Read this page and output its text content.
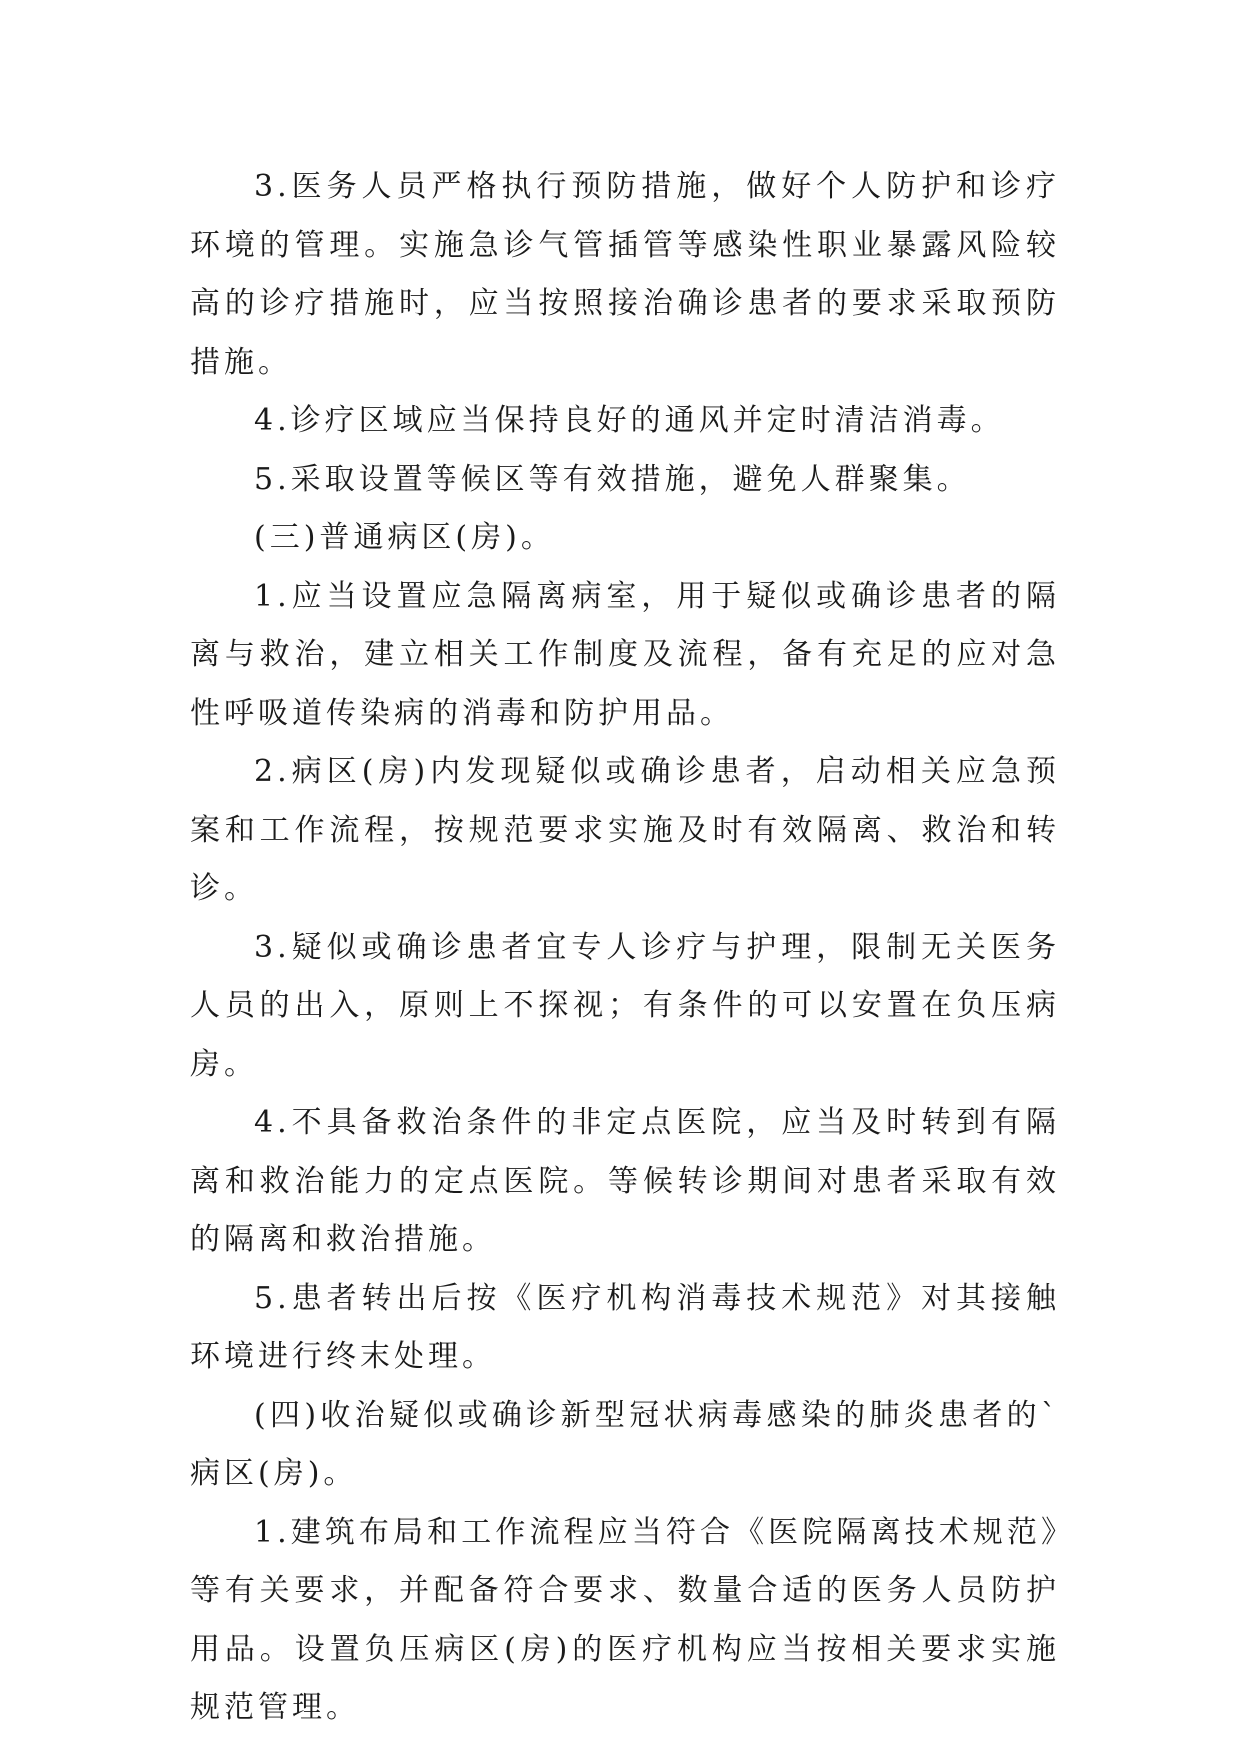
3.医务人员严格执行预防措施，做好个人防护和诊疗环境的管理。实施急诊气管插管等感染性职业暴露风险较高的诊疗措施时，应当按照接治确诊患者的要求采取预防措施。

4.诊疗区域应当保持良好的通风并定时清洁消毒。

5.采取设置等候区等有效措施，避免人群聚集。

(三)普通病区(房)。

1.应当设置应急隔离病室，用于疑似或确诊患者的隔离与救治，建立相关工作制度及流程，备有充足的应对急性呼吸道传染病的消毒和防护用品。

2.病区(房)内发现疑似或确诊患者，启动相关应急预案和工作流程，按规范要求实施及时有效隔离、救治和转诊。

3.疑似或确诊患者宜专人诊疗与护理，限制无关医务人员的出入，原则上不探视；有条件的可以安置在负压病房。

4.不具备救治条件的非定点医院，应当及时转到有隔离和救治能力的定点医院。等候转诊期间对患者采取有效的隔离和救治措施。

5.患者转出后按《医疗机构消毒技术规范》对其接触环境进行终末处理。

(四)收治疑似或确诊新型冠状病毒感染的肺炎患者的`病区(房)。

1.建筑布局和工作流程应当符合《医院隔离技术规范》等有关要求，并配备符合要求、数量合适的医务人员防护用品。设置负压病区(房)的医疗机构应当按相关要求实施规范管理。
